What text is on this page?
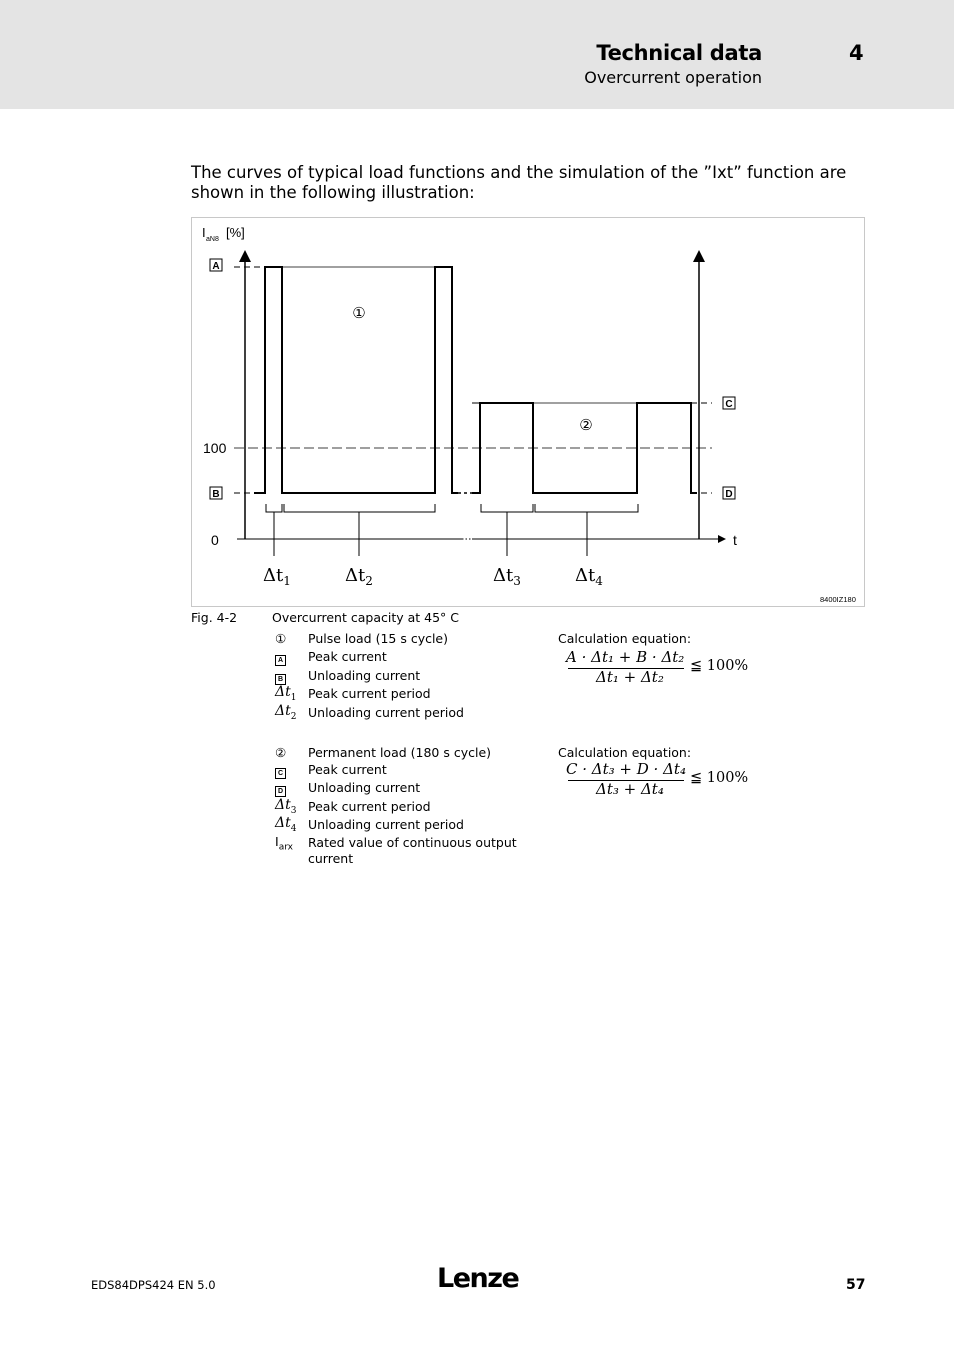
Technical data	4
Overcurrent operation
The curves of typical load functions and the simulation of the ”Ixt” function are shown in the following illustration:
I aN8 [%]
A
B
100
0	t
C
D
①
②
$\Delta t_1$	$\Delta t_2$	$\Delta t_3$	$\Delta t_4$
8400IZ180
Fig. 4-2	Overcurrent capacity at 45° C
① Pulse load (15 s cycle)
A Peak current
B Unloading current
$\Delta t_1$ Peak current period
$\Delta t_2$ Unloading current period
Calculation equation:
A · Δt₁ + B · Δt₂
Δt₁ + Δt₂
≦ 100%
② Permanent load (180 s cycle)
C Peak current
D Unloading current
$\Delta t_3$ Peak current period
$\Delta t_4$ Unloading current period
$I_{arx}$ Rated value of continuous output
current
Calculation equation:
C · Δt₃ + D · Δt₄
Δt₃ + Δt₄
≦ 100%
EDS84DPS424 EN 5.0	Lenze	57
